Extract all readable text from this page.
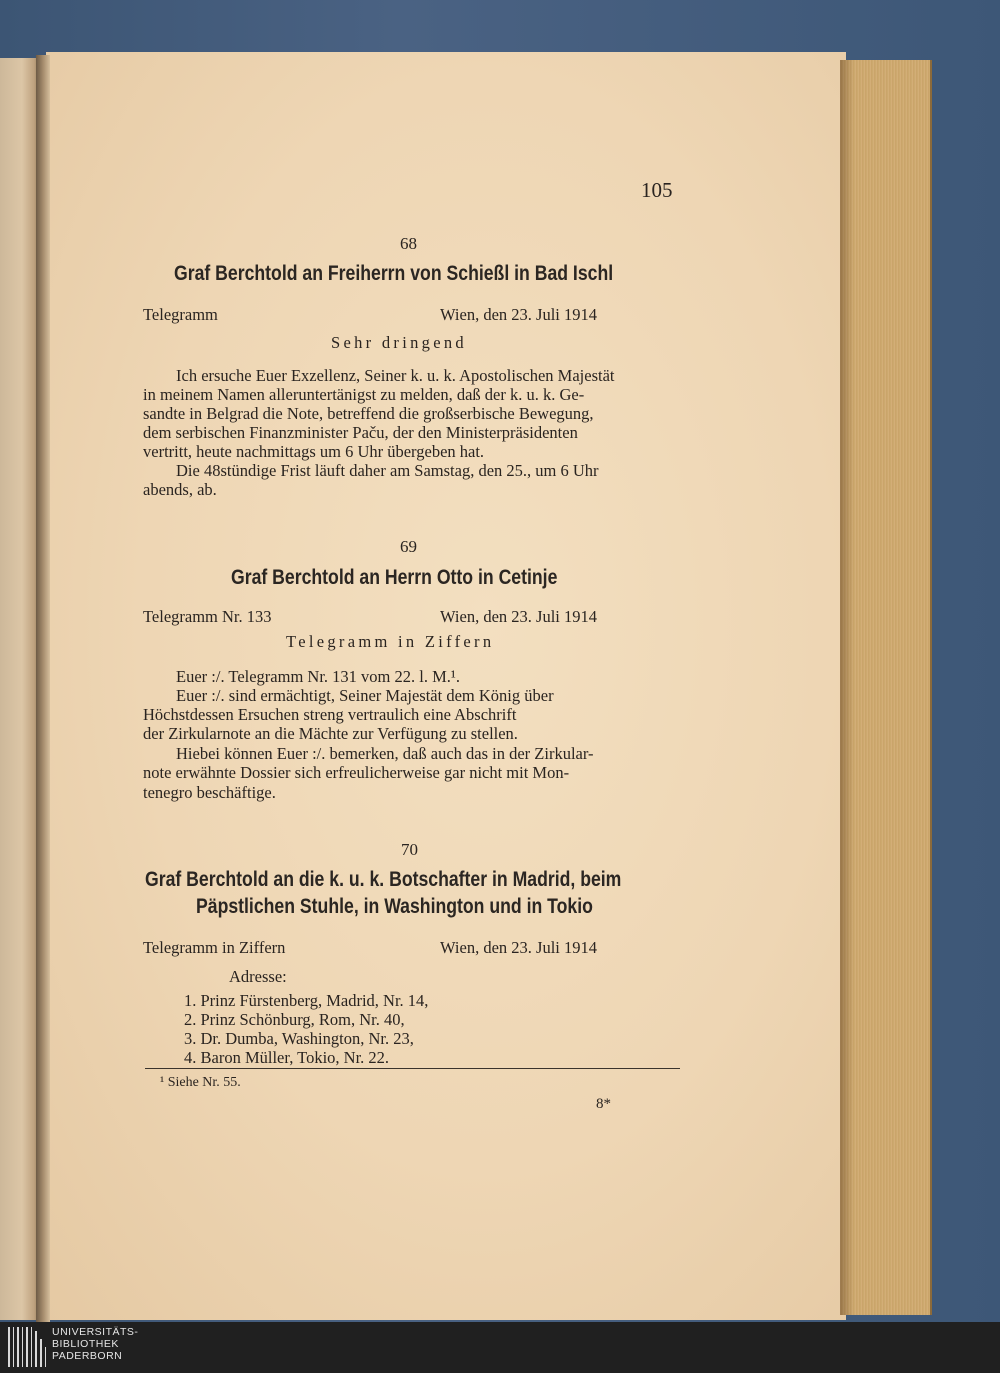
105
68
Graf Berchtold an Freiherrn von Schießl in Bad Ischl
Telegramm	Wien, den 23. Juli 1914
Sehr dringend
Ich ersuche Euer Exzellenz, Seiner k. u. k. Apostolischen Majestät
in meinem Namen alleruntertänigst zu melden, daß der k. u. k. Ge-
sandte in Belgrad die Note, betreffend die großserbische Bewegung,
dem serbischen Finanzminister Paču, der den Ministerpräsidenten
vertritt, heute nachmittags um 6 Uhr übergeben hat.
Die 48stündige Frist läuft daher am Samstag, den 25., um 6 Uhr
abends, ab.
69
Graf Berchtold an Herrn Otto in Cetinje
Telegramm Nr. 133	Wien, den 23. Juli 1914
Telegramm in Ziffern
Euer :/. Telegramm Nr. 131 vom 22. l. M.¹.
Euer :/. sind ermächtigt, Seiner Majestät dem König über
Höchstdessen Ersuchen streng vertraulich eine Abschrift
der Zirkularnote an die Mächte zur Verfügung zu stellen.
Hiebei können Euer :/. bemerken, daß auch das in der Zirkular-
note erwähnte Dossier sich erfreulicherweise gar nicht mit Mon-
tenegro beschäftige.
70
Graf Berchtold an die k. u. k. Botschafter in Madrid, beim
Päpstlichen Stuhle, in Washington und in Tokio
Telegramm in Ziffern	Wien, den 23. Juli 1914
Adresse:
1. Prinz Fürstenberg, Madrid, Nr. 14,
2. Prinz Schönburg, Rom, Nr. 40,
3. Dr. Dumba, Washington, Nr. 23,
4. Baron Müller, Tokio, Nr. 22.
¹ Siehe Nr. 55.
8*
UNIVERSITÄTS-
BIBLIOTHEK
PADERBORN
